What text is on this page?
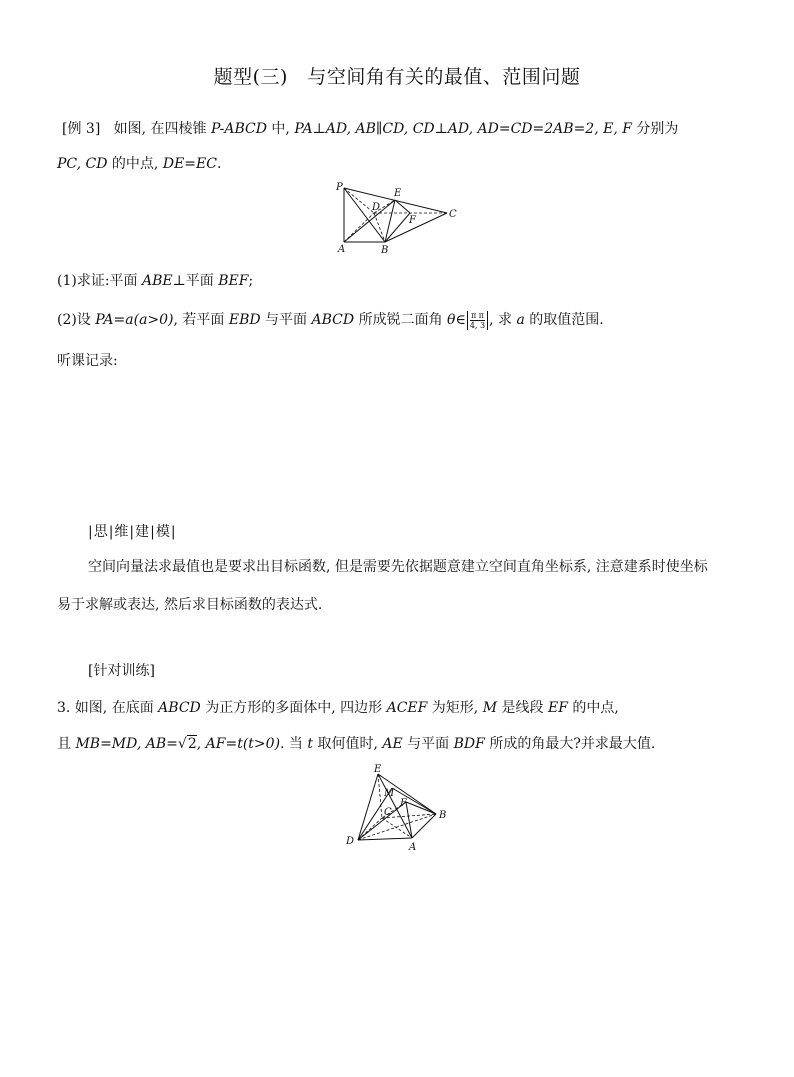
题型(三)　与空间角有关的最值、范围问题
[例 3] 如图, 在四棱锥 P-ABCD 中, PA⊥AD, AB∥CD, CD⊥AD, AD=CD=2AB=2, E, F 分别为
PC, CD 的中点, DE=EC.
P
E
D
C
F
A	B
(1)求证:平面 ABE⊥平面 BEF;
(2)设 PA=a(a>0), 若平面 EBD 与平面 ABCD 所成锐二面角 θ∈ $\frac{\text{π π}}{4, 3}$ , 求 a 的取值范围.
听课记录:
|思|维|建|模|
空间向量法求最值也是要求出目标函数, 但是需要先依据题意建立空间直角坐标系, 注意建系时使坐标
易于求解或表达, 然后求目标函数的表达式.
[针对训练]
3. 如图, 在底面 ABCD 为正方形的多面体中, 四边形 ACEF 为矩形, M 是线段 EF 的中点,
且 MB=MD, AB=√2, AF=t(t>0). 当 t 取何值时, AE 与平面 BDF 所成的角最大?并求最大值.
E
M
F
C	B
D
A
